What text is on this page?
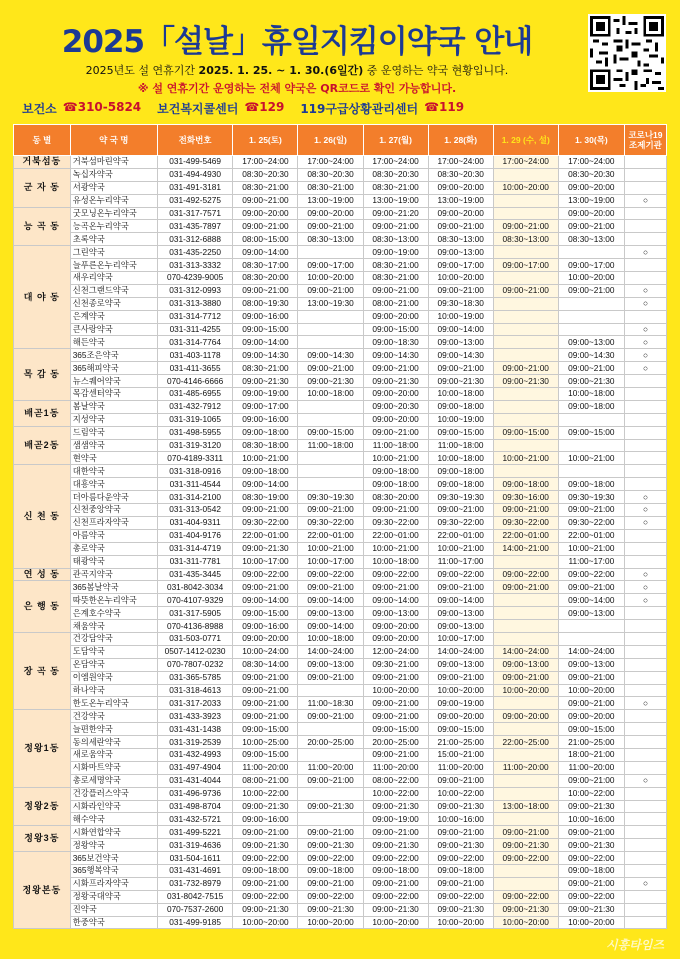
2025「설날」휴일지킴이약국 안내
2025년도 설 연휴기간 2025. 1. 25. ~ 1. 30.(6일간) 중 운영하는 약국 현황입니다.
※ 설 연휴기간 운영하는 전체 약국은 QR코드로 확인 가능합니다.
보건소 ☎310-5824 보건복지콜센터 ☎129 119구급상황관리센터 ☎119
동 별	약 국 명	전화번호	1. 25(토)	1. 26(일)	1. 27(월)	1. 28(화)	1. 29 (수, 설)	1. 30(목)	코로나19 조제기관
거북섬동	거북섬마린약국	031-499-5469	17:00~24:00	17:00~24:00	17:00~24:00	17:00~24:00	17:00~24:00	17:00~24:00	
군 자 동	녹십자약국	031-494-4930	08:30~20:30	08:30~20:30	08:30~20:30	08:30~20:30		08:30~20:30	
	서광약국	031-491-3181	08:30~21:00	08:30~21:00	08:30~21:00	09:00~20:00	10:00~20:00	09:00~20:00	
	유성온누리약국	031-492-5275	09:00~21:00	13:00~19:00	13:00~19:00	13:00~19:00		13:00~19:00	○
능 곡 동	굿모닝온누리약국	031-317-7571	09:00~20:00	09:00~20:00	09:00~21:20	09:00~20:00		09:00~20:00	
	능곡온누리약국	031-435-7897	09:00~21:00	09:00~21:00	09:00~21:00	09:00~21:00	09:00~21:00	09:00~21:00	
	초록약국	031-312-6888	08:00~15:00	08:30~13:00	08:30~13:00	08:30~13:00	08:30~13:00	08:30~13:00	
대 야 동	그린약국	031-435-2250	09:00~14:00		09:00~19:00	09:00~13:00			○
	늘푸른온누리약국	031-313-3332	08:30~17:00	09:00~17:00	08:30~21:00	09:00~17:00	09:00~17:00	09:00~17:00	
	새우리약국	070-4239-9005	08:30~20:00	10:00~20:00	08:30~21:00	10:00~20:00		10:00~20:00	
	신천그랜드약국	031-312-0993	09:00~21:00	09:00~21:00	09:00~21:00	09:00~21:00	09:00~21:00	09:00~21:00	○
	신천종로약국	031-313-3880	08:00~19:30	13:00~19:30	08:00~21:00	09:30~18:30			○
	은계약국	031-314-7712	09:00~16:00		09:00~20:00	10:00~19:00			
	큰사랑약국	031-311-4255	09:00~15:00		09:00~15:00	09:00~14:00			○
	해든약국	031-314-7764	09:00~14:00		09:00~18:30	09:00~13:00		09:00~13:00	○
목 감 동	365조은약국	031-403-1178	09:00~14:30	09:00~14:30	09:00~14:30	09:00~14:30		09:00~14:30	○
	365해피약국	031-411-3655	08:30~21:00	09:00~21:00	09:00~21:00	09:00~21:00	09:00~21:00	09:00~21:00	○
	뉴스퀘어약국	070-4146-6666	09:00~21:30	09:00~21:30	09:00~21:30	09:00~21:30	09:00~21:30	09:00~21:30	
	목감센터약국	031-485-6955	09:00~19:00	10:00~18:00	09:00~20:00	10:00~18:00		10:00~18:00	
배곧1동	봄날약국	031-432-7912	09:00~17:00		09:00~20:30	09:00~18:00		09:00~18:00	
	지성약국	031-319-1065	09:00~16:00		09:00~20:00	10:00~19:00			
배곧2동	드림약국	031-498-5955	09:00~18:00	09:00~15:00	09:00~21:00	09:00~15:00	09:00~15:00	09:00~15:00	
	샘샘약국	031-319-3120	08:30~18:00	11:00~18:00	11:00~18:00	11:00~18:00			
	현약국	070-4189-3311	10:00~21:00		10:00~21:00	10:00~18:00	10:00~21:00	10:00~21:00	
신 천 동	대한약국	031-318-0916	09:00~18:00		09:00~18:00	09:00~18:00			
	대흥약국	031-311-4544	09:00~14:00		09:00~18:00	09:00~18:00	09:00~18:00	09:00~18:00	
	더아름다운약국	031-314-2100	08:30~19:00	09:30~19:30	08:30~20:00	09:30~19:30	09:30~16:00	09:30~19:30	○
	신천중앙약국	031-313-0542	09:00~21:00	09:00~21:00	09:00~21:00	09:00~21:00	09:00~21:00	09:00~21:00	○
	신천프라자약국	031-404-9311	09:30~22:00	09:30~22:00	09:30~22:00	09:30~22:00	09:30~22:00	09:30~22:00	○
	아름약국	031-404-9176	22:00~01:00	22:00~01:00	22:00~01:00	22:00~01:00	22:00~01:00	22:00~01:00	
	총로약국	031-314-4719	09:00~21:30	10:00~21:00	10:00~21:00	10:00~21:00	14:00~21:00	10:00~21:00	
	태광약국	031-311-7781	10:00~17:00	10:00~17:00	10:00~18:00	11:00~17:00		11:00~17:00	
연 성 동	관곡지약국	031-435-3445	09:00~22:00	09:00~22:00	09:00~22:00	09:00~22:00	09:00~22:00	09:00~22:00	○
은 행 동	365봄날약국	031-8042-3034	09:00~21:00	09:00~21:00	09:00~21:00	09:00~21:00	09:00~21:00	09:00~21:00	○
	따뜻한온누리약국	070-4107-9329	09:00~14:00	09:00~14:00	09:00~14:00	09:00~14:00		09:00~14:00	○
	은계호수약국	031-317-5905	09:00~15:00	09:00~13:00	09:00~13:00	09:00~13:00		09:00~13:00	
	채움약국	070-4136-8988	09:00~16:00	09:00~14:00	09:00~20:00	09:00~13:00			
장 곡 동	건강담약국	031-503-0771	09:00~20:00	10:00~18:00	09:00~20:00	10:00~17:00			
	도담약국	0507-1412-0230	10:00~24:00	14:00~24:00	12:00~24:00	14:00~24:00	14:00~24:00	14:00~24:00	
	온담약국	070-7807-0232	08:30~14:00	09:00~13:00	09:30~21:00	09:00~13:00	09:00~13:00	09:00~13:00	
	이엠원약국	031-365-5785	09:00~21:00	09:00~21:00	09:00~21:00	09:00~21:00	09:00~21:00	09:00~21:00	
	하나약국	031-318-4613	09:00~21:00		10:00~20:00	10:00~20:00	10:00~20:00	10:00~20:00	
	한도온누리약국	031-317-2033	09:00~21:00	11:00~18:30	09:00~21:00	09:00~19:00		09:00~21:00	○
정왕1동	건강약국	031-433-3923	09:00~21:00	09:00~21:00	09:00~21:00	09:00~20:00	09:00~20:00	09:00~20:00	
	늘편한약국	031-431-1438	09:00~15:00		09:00~15:00	09:00~15:00		09:00~15:00	
	동의세란약국	031-319-2539	10:00~25:00	20:00~25:00	20:00~25:00	21:00~25:00	22:00~25:00	21:00~25:00	
	새로움약국	031-432-4993	09:00~15:00		09:00~21:00	15:00~21:00		18:00~21:00	
	시화마트약국	031-497-4904	11:00~20:00	11:00~20:00	11:00~20:00	11:00~20:00	11:00~20:00	11:00~20:00	
	총로세명약국	031-431-4044	08:00~21:00	09:00~21:00	08:00~22:00	09:00~21:00		09:00~21:00	○
정왕2동	건강플러스약국	031-496-9736	10:00~22:00		10:00~22:00	10:00~22:00		10:00~22:00	
	시화라인약국	031-498-8704	09:00~21:30	09:00~21:30	09:00~21:30	09:00~21:30	13:00~18:00	09:00~21:30	
	해수약국	031-432-5721	09:00~16:00		09:00~19:00	10:00~16:00		10:00~16:00	
정왕3동	시화연합약국	031-499-5221	09:00~21:00	09:00~21:00	09:00~21:00	09:00~21:00	09:00~21:00	09:00~21:00	
	정왕약국	031-319-4636	09:00~21:30	09:00~21:30	09:00~21:30	09:00~21:30	09:00~21:30	09:00~21:30	
정왕본동	365보건약국	031-504-1611	09:00~22:00	09:00~22:00	09:00~22:00	09:00~22:00	09:00~22:00	09:00~22:00	
	365행복약국	031-431-4691	09:00~18:00	09:00~18:00	09:00~18:00	09:00~18:00		09:00~18:00	
	시화프라자약국	031-732-8979	09:00~21:00	09:00~21:00	09:00~21:00	09:00~21:00		09:00~21:00	○
	정왕국대약국	031-8042-7515	09:00~22:00	09:00~22:00	09:00~22:00	09:00~22:00	09:00~22:00	09:00~22:00	
	진약국	070-7537-2600	09:00~21:30	09:00~21:30	09:00~21:30	09:00~21:30	09:00~21:30	09:00~21:30	
	한중약국	031-499-9185	10:00~20:00	10:00~20:00	10:00~20:00	10:00~20:00	10:00~20:00	10:00~20:00	
시흥타임즈
